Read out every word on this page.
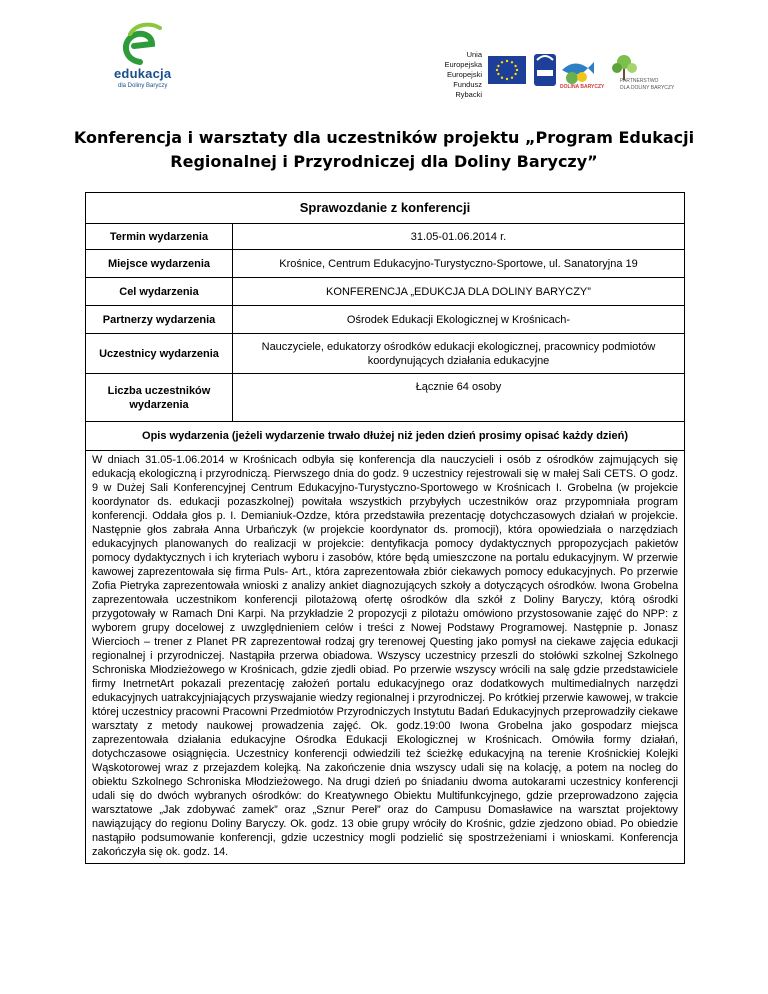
edukacja
dla Doliny Baryczy
Unia Europejska
Europejski
Fundusz Rybacki
DOLINA BARYCZY
PARTNERSTWO
DLA DOLINY BARYCZY
Konferencja i warsztaty dla uczestników projektu „Program Edukacji
Regionalnej i Przyrodniczej dla Doliny Baryczy”
Sprawozdanie z konferencji	
Termin wydarzenia	31.05-01.06.2014 r.
Miejsce wydarzenia	Krośnice, Centrum Edukacyjno-Turystyczno-Sportowe, ul. Sanatoryjna 19
Cel wydarzenia	KONFERENCJA „EDUKCJA DLA DOLINY BARYCZY”
Partnerzy wydarzenia	Ośrodek Edukacji Ekologicznej w Krośnicach-
Uczestnicy wydarzenia	Nauczyciele, edukatorzy ośrodków edukacji ekologicznej, pracownicy podmiotów koordynujących działania edukacyjne
Liczba uczestników wydarzenia	Łącznie 64 osoby
Opis wydarzenia (jeżeli wydarzenie trwało dłużej niż jeden dzień prosimy opisać każdy dzień)	
W dniach 31.05-1.06.2014 w Krośnicach odbyła się konferencja dla nauczycieli i osób z ośrodków zajmujących się edukacją ekologiczną i przyrodniczą. Pierwszego dnia do godz. 9 uczestnicy rejestrowali się w małej Sali CETS. O godz. 9 w Dużej Sali Konferencyjnej Centrum Edukacyjno-Turystyczno-Sportowego w Krośnicach I. Grobelna (w projekcie koordynator ds. edukacji pozaszkolnej) powitała wszystkich przybyłych uczestników oraz przypomniała program konferencji. Oddała głos p. I. Demianiuk-Ozdze, która przedstawiła prezentację dotychczasowych działań w projekcie. Następnie głos zabrała Anna Urbańczyk (w projekcie koordynator ds. promocji), która opowiedziała o narzędziach edukacyjnych planowanych do realizacji w projekcie: dentyfikacja pomocy dydaktycznych ppropozycjach pakietów pomocy dydaktycznych i ich kryteriach wyboru i zasobów, które będą umieszczone na portalu edukacyjnym. W przerwie kawowej zaprezentowała się firma Puls- Art., która zaprezentowała zbiór ciekawych pomocy edukacyjnych. Po przerwie Zofia Pietryka zaprezentowała wnioski z analizy ankiet diagnozujących szkoły a dotyczących ośrodków. Iwona Grobelna zaprezentowała uczestnikom konferencji pilotażową ofertę ośrodków dla szkół z Doliny Baryczy, którą ośrodki przygotowały w Ramach Dni Karpi. Na przykładzie 2 propozycji z pilotażu omówiono przystosowanie zajęć do NPP: z wyborem grupy docelowej z uwzględnieniem celów i treści z Nowej Podstawy Programowej. Następnie p. Jonasz Wiercioch – trener z Planet PR zaprezentował rodzaj gry terenowej Questing jako pomysł na ciekawe zajęcia edukacji regionalnej i przyrodniczej. Nastąpiła przerwa obiadowa. Wszyscy uczestnicy przeszli do stołówki szkolnej Szkolnego Schroniska Młodzieżowego w Krośnicach, gdzie zjedli obiad. Po przerwie wszyscy wrócili na salę gdzie przedstawiciele firmy InetrnetArt pokazali prezentację założeń portalu edukacyjnego oraz dodatkowych multimedialnych narzędzi edukacyjnych uatrakcyjniających przyswajanie wiedzy regionalnej i przyrodniczej. Po krótkiej przerwie kawowej, w trakcie której uczestnicy pracowni Pracowni Przedmiotów Przyrodniczych Instytutu Badań Edukacyjnych przeprowadziły ciekawe warsztaty z metody naukowej prowadzenia zajęć. Ok. godz.19:00 Iwona Grobelna jako gospodarz miejsca zaprezentowała działania edukacyjne Ośrodka Edukacji Ekologicznej w Krośnicach. Omówiła formy działań, dotychczasowe osiągnięcia. Uczestnicy konferencji odwiedzili też ścieżkę edukacyjną na terenie Krośnickiej Kolejki Wąskotorowej wraz z przejazdem kolejką. Na zakończenie dnia wszyscy udali się na kolację, a potem na nocleg do obiektu Szkolnego Schroniska Młodzieżowego. Na drugi dzień po śniadaniu dwoma autokarami uczestnicy konferencji udali się do dwóch wybranych ośrodków: do Kreatywnego Obiektu Multifunkcyjnego, gdzie przeprowadzono zajęcia warsztatowe „Jak zdobywać zamek” oraz „Sznur Pereł” oraz do Campusu Domasławice na warsztat projektowy nawiązujący do regionu Doliny Baryczy. Ok. godz. 13 obie grupy wróciły do Krośnic, gdzie zjedzono obiad. Po obiedzie nastąpiło podsumowanie konferencji, gdzie uczestnicy mogli podzielić się spostrzeżeniami i wnioskami. Konferencja zakończyła się ok. godz. 14.	
